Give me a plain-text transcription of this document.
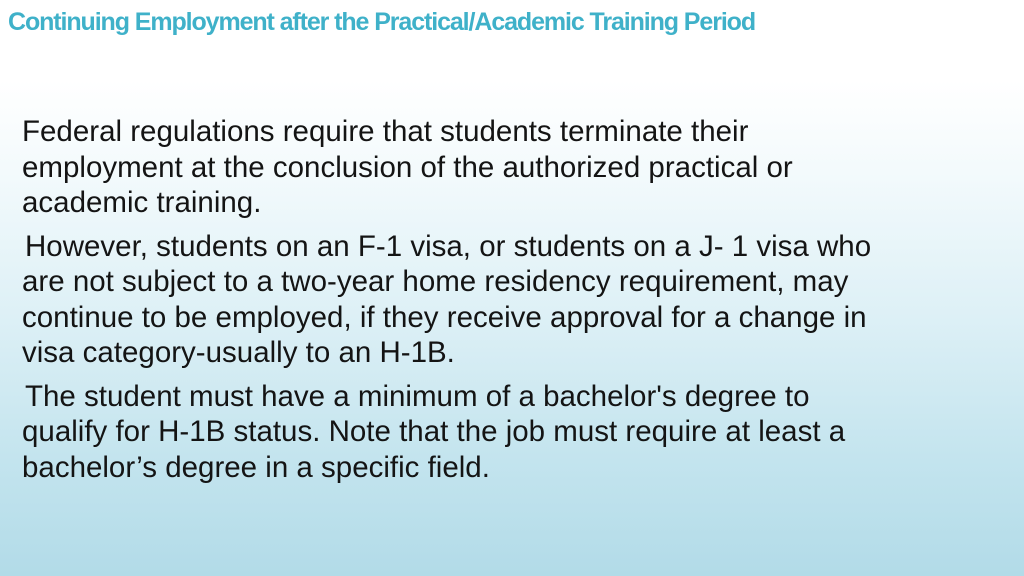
Continuing Employment after the Practical/Academic Training Period

Federal regulations require that students terminate their
employment at the conclusion of the authorized practical or
academic training.

However, students on an F-1 visa, or students on a J- 1 visa who
are not subject to a two-year home residency requirement, may
continue to be employed, if they receive approval for a change in
visa category-usually to an H-1B.

The student must have a minimum of a bachelor's degree to
qualify for H-1B status. Note that the job must require at least a
bachelor’s degree in a specific field.
